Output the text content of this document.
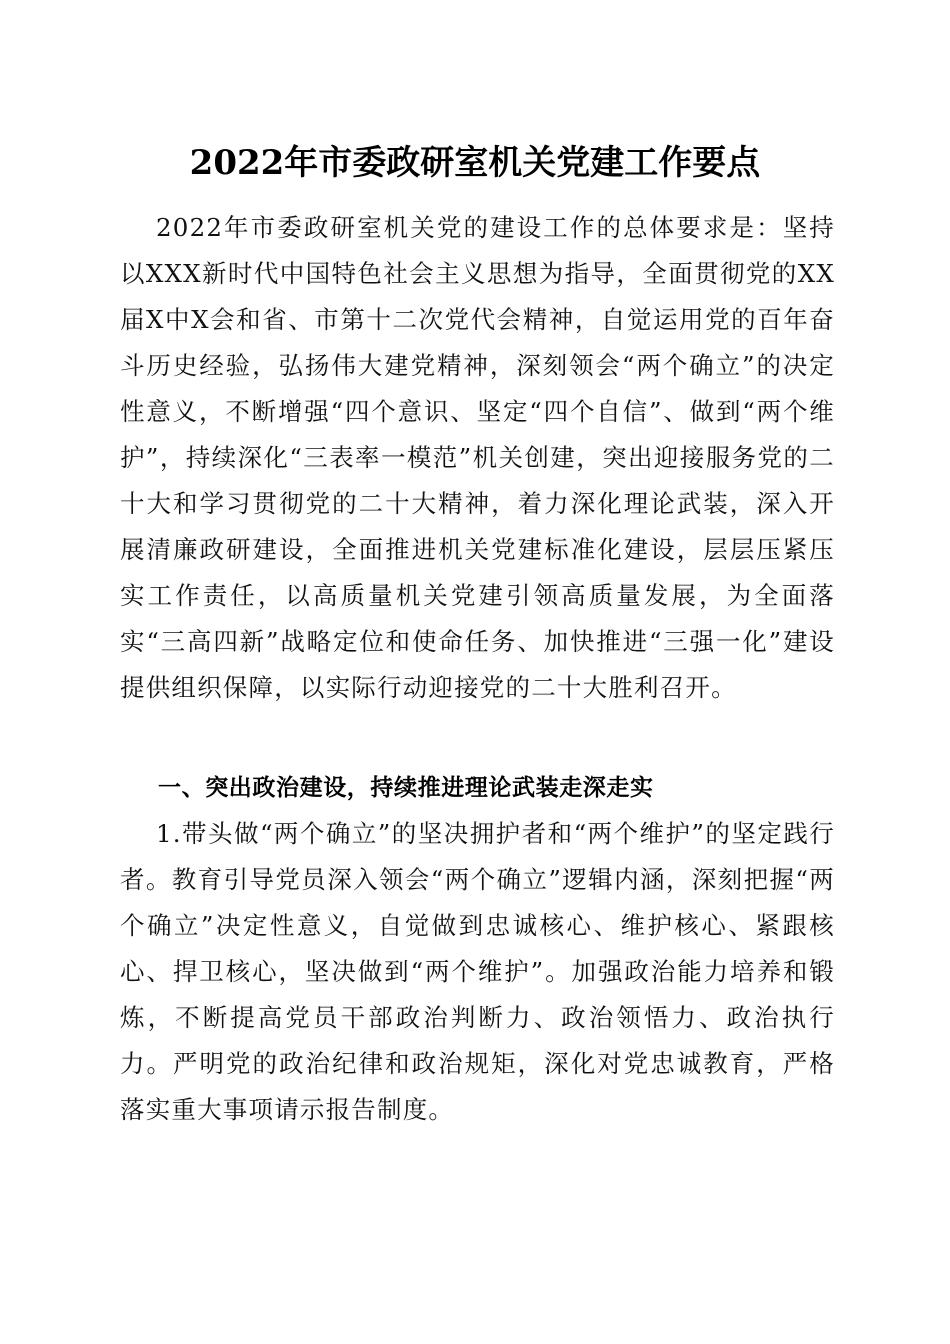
2022年市委政研室机关党建工作要点

2022年市委政研室机关党的建设工作的总体要求是：坚持以XXX新时代中国特色社会主义思想为指导，全面贯彻党的XX届X中X会和省、市第十二次党代会精神，自觉运用党的百年奋斗历史经验，弘扬伟大建党精神，深刻领会“两个确立”的决定性意义，不断增强“四个意识、坚定“四个自信”、做到“两个维护”，持续深化“三表率一模范”机关创建，突出迎接服务党的二十大和学习贯彻党的二十大精神，着力深化理论武装，深入开展清廉政研建设，全面推进机关党建标准化建设，层层压紧压实工作责任，以高质量机关党建引领高质量发展，为全面落实“三高四新”战略定位和使命任务、加快推进“三强一化”建设提供组织保障，以实际行动迎接党的二十大胜利召开。

一、突出政治建设，持续推进理论武装走深走实

1.带头做“两个确立”的坚决拥护者和“两个维护”的坚定践行者。教育引导党员深入领会“两个确立”逻辑内涵，深刻把握“两个确立”决定性意义，自觉做到忠诚核心、维护核心、紧跟核心、捍卫核心，坚决做到“两个维护”。加强政治能力培养和锻炼，不断提高党员干部政治判断力、政治领悟力、政治执行力。严明党的政治纪律和政治规矩，深化对党忠诚教育，严格落实重大事项请示报告制度。
